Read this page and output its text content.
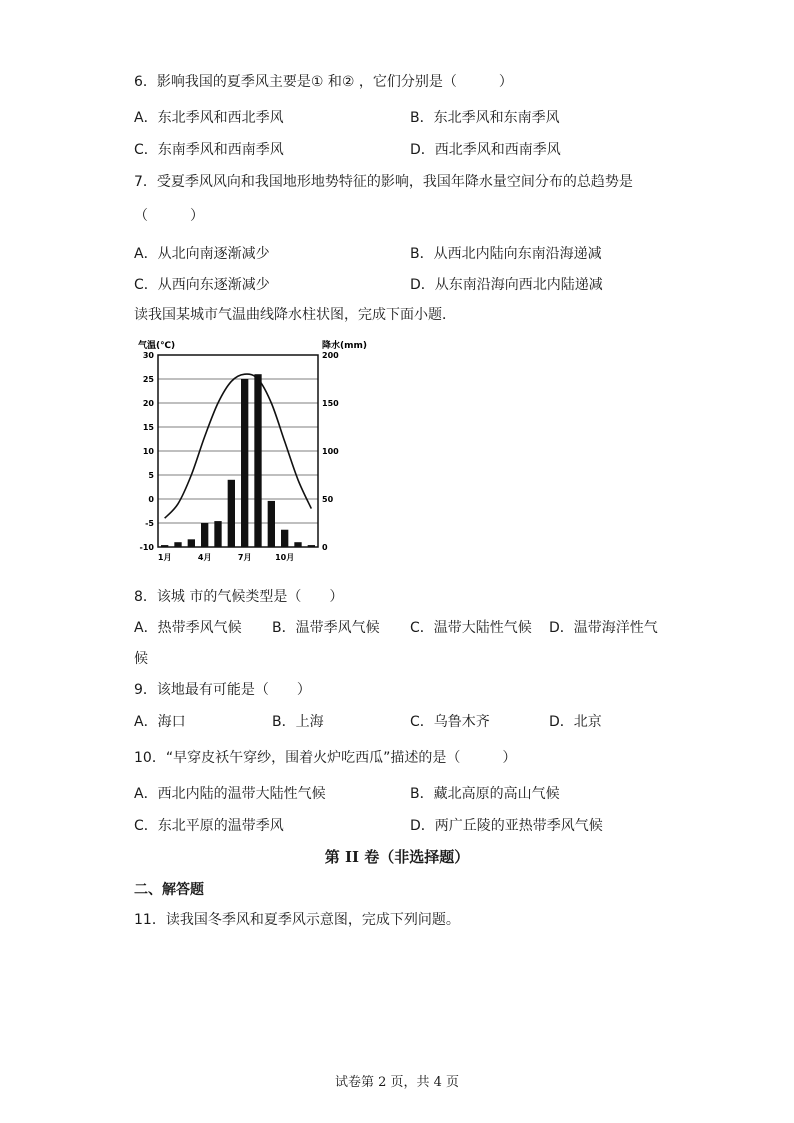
6．影响我国的夏季风主要是① 和② ，它们分别是（　　　）
A．东北季风和西北季风	B．东北季风和东南季风
C．东南季风和西南季风	D．西北季风和西南季风
7．受夏季风风向和我国地形地势特征的影响，我国年降水量空间分布的总趋势是
（　　　）
A．从北向南逐渐减少	B．从西北内陆向东南沿海递减
C．从西向东逐渐减少	D．从东南沿海向西北内陆递减
读我国某城市气温曲线降水柱状图，完成下面小题．
气温(℃)	降水(mm)
30
25
20
15
10
5
0
-5
-10
200
150
100
50
0
1月	4月	7月	10月
8．该城 市的气候类型是（　　）
A．热带季风气候 B．温带季风气候 C．温带大陆性气候 D．温带海洋性气
候
9．该地最有可能是（　　）
A．海口	B．上海	C．乌鲁木齐	D．北京
10．“早穿皮袄午穿纱，围着火炉吃西瓜”描述的是（　　　）
A．西北内陆的温带大陆性气候	B．藏北高原的高山气候
C．东北平原的温带季风	D．两广丘陵的亚热带季风气候
第 II 卷（非选择题）
二、解答题
11．读我国冬季风和夏季风示意图，完成下列问题。
试卷第 2 页，共 4 页
